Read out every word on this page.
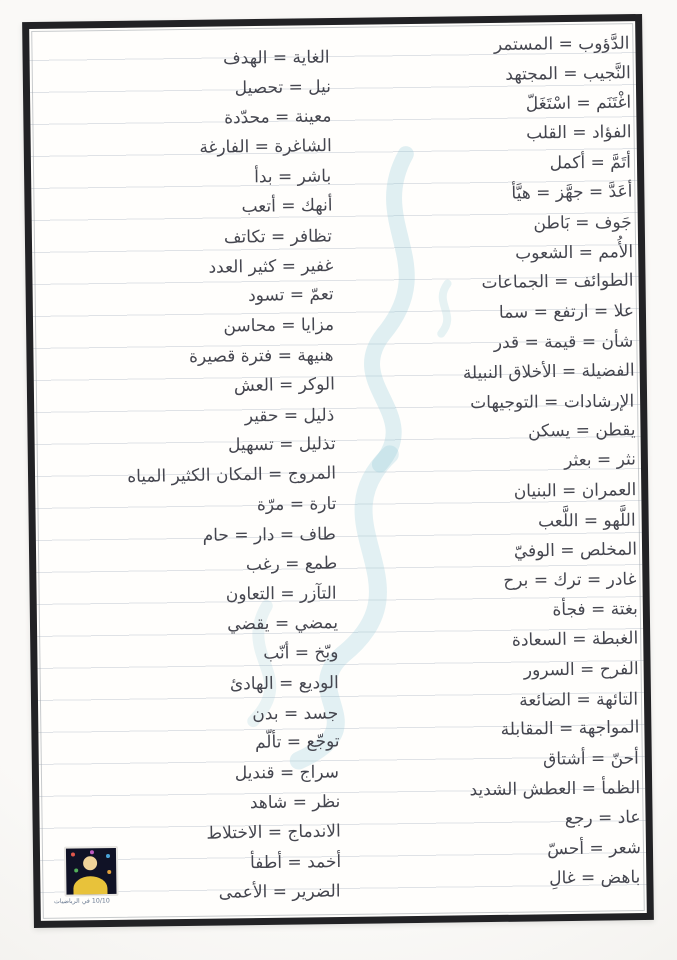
الدَّؤوب = المستمر
النَّجيب = المجتهد
اغْتَنَم = اسْتَغَلّ
الفؤاد = القلب
أتَمَّ = أكمل
أعَدَّ = جهَّز = هيَّأ
جَوف = بَاطن
الأُمم = الشعوب
الطوائف = الجماعات
علا = ارتفع = سما
شأن = قيمة = قدر
الفضيلة = الأخلاق النبيلة
الإرشادات = التوجيهات
يقطن = يسكن
نثر = بعثر
العمران = البنيان
اللَّهو = اللَّعب
المخلص = الوفيّ
غادر = ترك = برح
بغتة = فجأة
الغبطة = السعادة
الفرح = السرور
التائهة = الضائعة
المواجهة = المقابلة
أحنّ = أشتاق
الظمأ = العطش الشديد
عاد = رجع
شعر = أحسّ
باهض = غالِ
الغاية = الهدف
نيل = تحصيل
معينة = محدّدة
الشاغرة = الفارغة
باشر = بدأ
أنهك = أتعب
تظافر = تكاتف
غفير = كثير العدد
تعمّ = تسود
مزايا = محاسن
هنيهة = فترة قصيرة
الوكر = العش
ذليل = حقير
تذليل = تسهيل
المروج = المكان الكثير المياه
تارة = مرّة
طاف = دار = حام
طمع = رغب
التآزر = التعاون
يمضي = يقضي
وبّخ = أنّب
الوديع = الهادئ
جسد = بدن
توجّع = تألّم
سراج = قنديل
نظر = شاهد
الاندماج = الاختلاط
أخمد = أطفأ
الضرير = الأعمى
10/10 في الرياضيات
